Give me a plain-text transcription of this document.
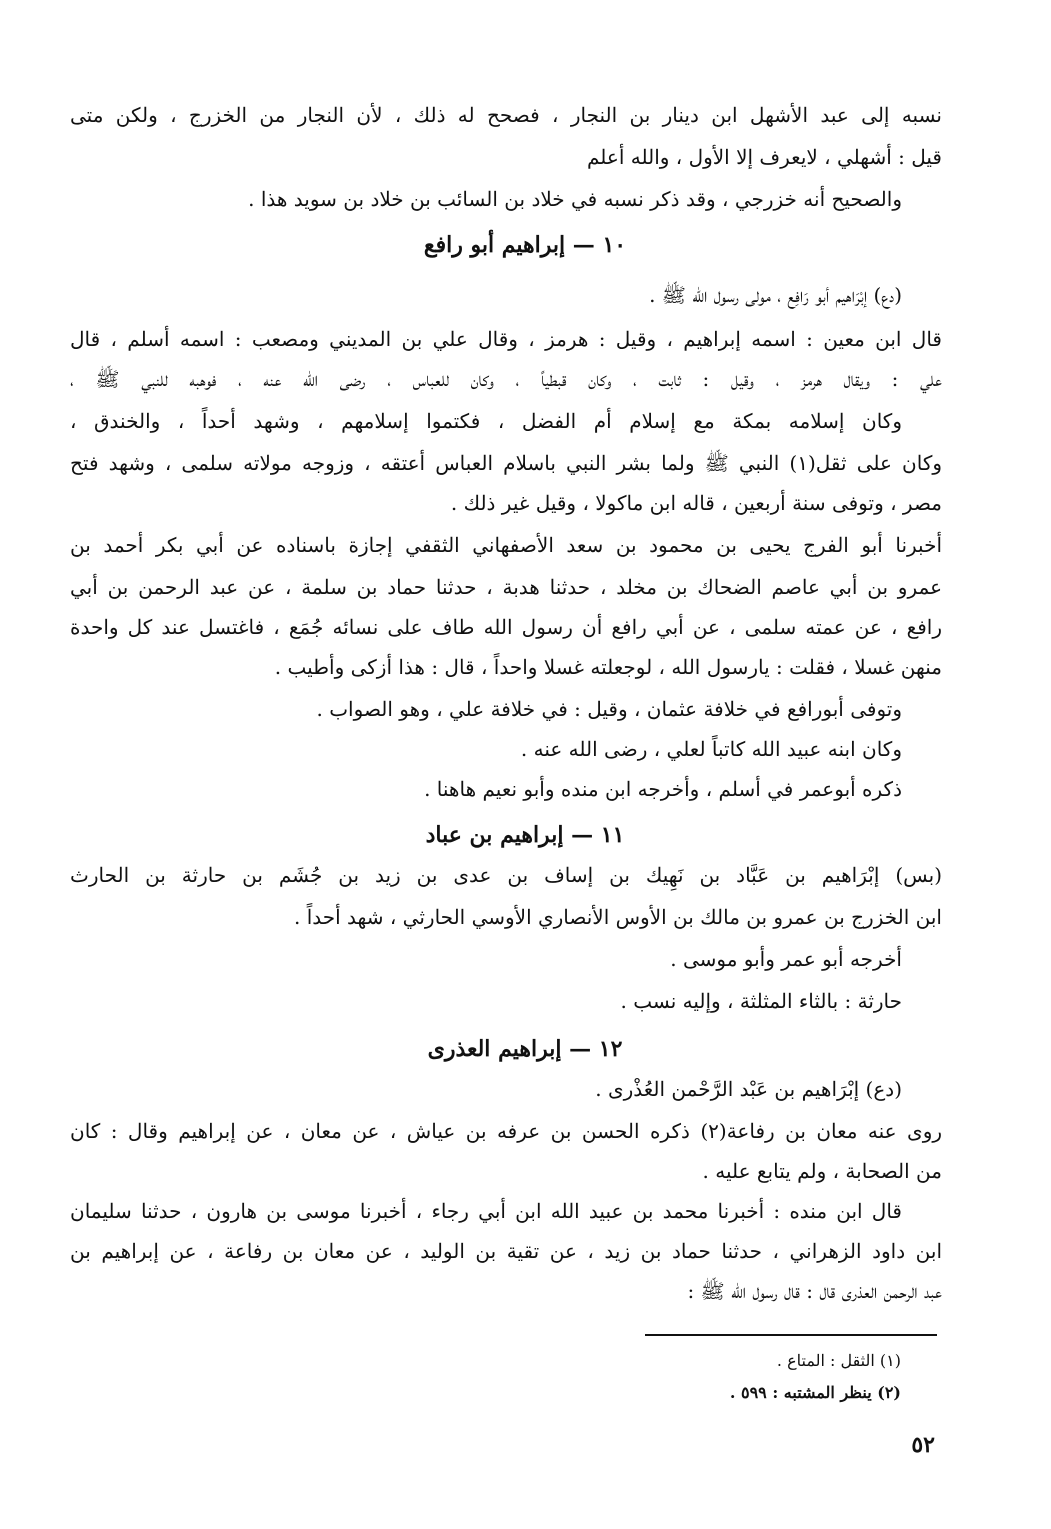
نسبه إلى عبد الأشهل ابن دينار بن النجار ، فصحح له ذلك ، لأن النجار من الخزرج ، ولكن متى
قيل : أشهلي ، لايعرف إلا الأول ، والله أعلم
والصحيح أنه خزرجي ، وقد ذكر نسبه في خلاد بن السائب بن خلاد بن سويد هذا .
١٠ — إبراهيم أبو رافع
(دع) إبْرَاهيم أبو رَافِع ، مولى رسول الله ﷺ .
قال ابن معين : اسمه إبراهيم ، وقيل : هرمز ، وقال علي بن المديني ومصعب : اسمه أسلم ، قال
علي : ويقال هرمز ، وقيل : ثابت ، وكان قبطياً ، وكان للعباس ، رضى الله عنه ، فوهبه للنبي ﷺ ،
وكان إسلامه بمكة مع إسلام أم الفضل ، فكتموا إسلامهم ، وشهد أحداً ، والخندق ،
وكان على ثقل(١) النبي ﷺ ولما بشر النبي باسلام العباس أعتقه ، وزوجه مولاته سلمى ، وشهد فتح
مصر ، وتوفى سنة أربعين ، قاله ابن ماكولا ، وقيل غير ذلك .
أخبرنا أبو الفرج يحيى بن محمود بن سعد الأصفهاني الثقفي إجازة باسناده عن أبي بكر أحمد بن
عمرو بن أبي عاصم الضحاك بن مخلد ، حدثنا هدبة ، حدثنا حماد بن سلمة ، عن عبد الرحمن بن أبي
رافع ، عن عمته سلمى ، عن أبي رافع أن رسول الله طاف على نسائه جُمَع ، فاغتسل عند كل واحدة
منهن غسلا ، فقلت : يارسول الله ، لوجعلته غسلا واحداً ، قال : هذا أزكى وأطيب .
وتوفى أبورافع في خلافة عثمان ، وقيل : في خلافة علي ، وهو الصواب .
وكان ابنه عبيد الله كاتباً لعلي ، رضى الله عنه .
ذكره أبوعمر في أسلم ، وأخرجه ابن منده وأبو نعيم هاهنا .
١١ — إبراهيم بن عباد
(بس) إبْرَاهيم بن عَبَّاد بن نَهِيك بن إساف بن عدى بن زيد بن جُشَم بن حارثة بن الحارث
ابن الخزرج بن عمرو بن مالك بن الأوس الأنصاري الأوسي الحارثي ، شهد أحداً .
أخرجه أبو عمر وأبو موسى .
حارثة : بالثاء المثلثة ، وإليه نسب .
١٢ — إبراهيم العذرى
(دع) إبْرَاهيم بن عَبْد الرَّحْمن العُذْرى .
روى عنه معان بن رفاعة(٢) ذكره الحسن بن عرفه بن عياش ، عن معان ، عن إبراهيم وقال : كان
من الصحابة ، ولم يتابع عليه .
قال ابن منده : أخبرنا محمد بن عبيد الله ابن أبي رجاء ، أخبرنا موسى بن هارون ، حدثنا سليمان
ابن داود الزهراني ، حدثنا حماد بن زيد ، عن تقية بن الوليد ، عن معان بن رفاعة ، عن إبراهيم بن
عبد الرحمن العذرى قال : قال رسول الله ﷺ :
(١) الثقل : المتاع .
(٢) ينظر المشتبه : ٥٩٩ .
٥٢
